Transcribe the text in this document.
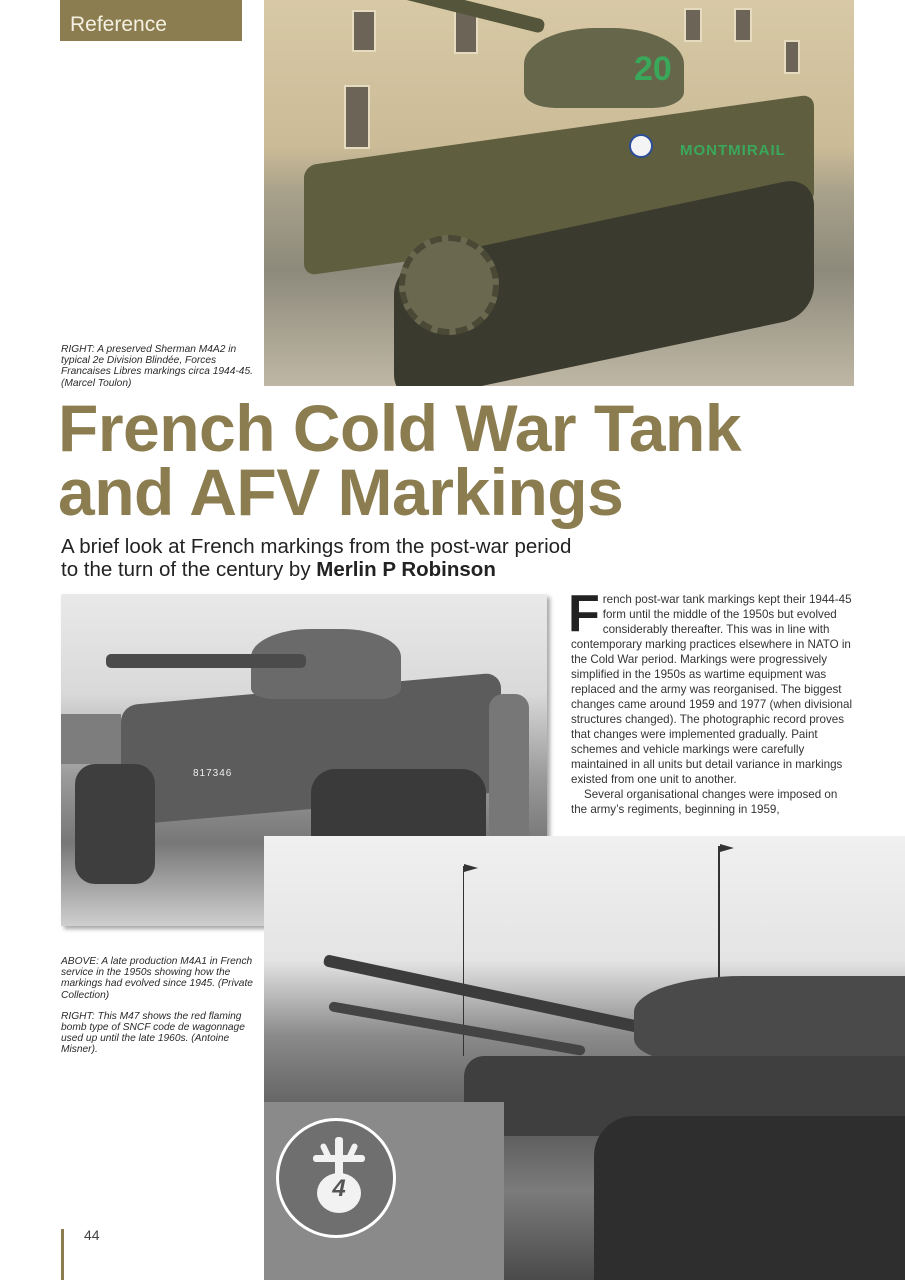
Reference
20
MONTMIRAIL
RIGHT: A preserved Sherman M4A2 in typical 2e Division Blindée, Forces Francaises Libres markings circa 1944-45. (Marcel Toulon)
French Cold War Tank
and AFV Markings
A brief look at French markings from the post-war period
to the turn of the century by Merlin P Robinson
817346

French post-war tank markings kept their 1944-45 form until the middle of the 1950s but evolved considerably thereafter. This was in line with contemporary marking practices elsewhere in NATO in the Cold War period. Markings were progressively simplified in the 1950s as wartime equipment was replaced and the army was reorganised. The biggest changes came around 1959 and 1977 (when divisional structures changed). The photographic record proves that changes were implemented gradually. Paint schemes and vehicle markings were carefully maintained in all units but detail variance in markings existed from one unit to another.

Several organisational changes were imposed on the army’s regiments, beginning in 1959,

ABOVE: A late production M4A1 in French service in the 1950s showing how the markings had evolved since 1945. (Private Collection)

RIGHT: This M47 shows the red flaming bomb type of SNCF code de wagonnage used up until the late 1960s. (Antoine Misner).

4
44
